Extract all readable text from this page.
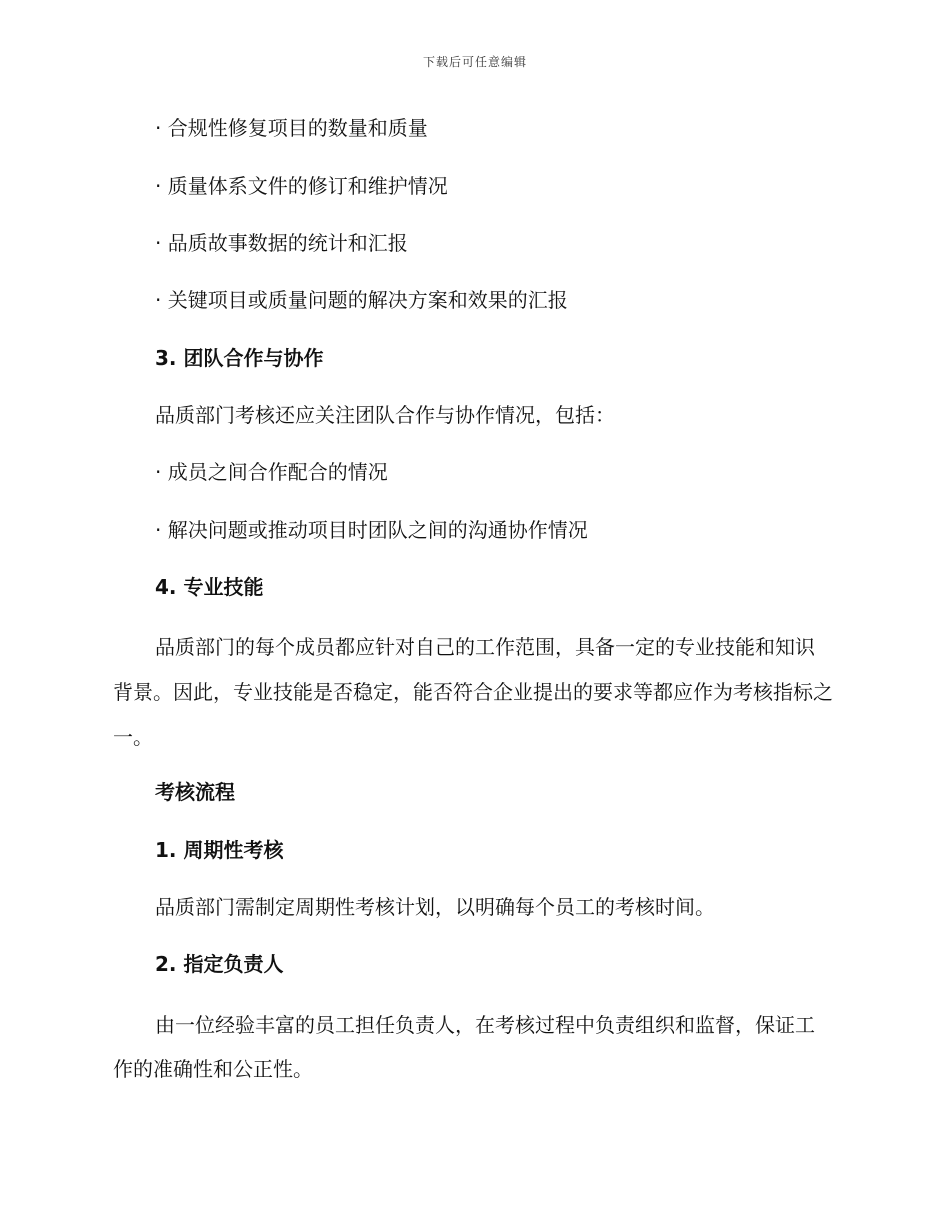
下载后可任意编辑

· 合规性修复项目的数量和质量

· 质量体系文件的修订和维护情况

· 品质故事数据的统计和汇报

· 关键项目或质量问题的解决方案和效果的汇报

3. 团队合作与协作

品质部门考核还应关注团队合作与协作情况，包括：

· 成员之间合作配合的情况

· 解决问题或推动项目时团队之间的沟通协作情况

4. 专业技能

品质部门的每个成员都应针对自己的工作范围，具备一定的专业技能和知识背景。因此，专业技能是否稳定，能否符合企业提出的要求等都应作为考核指标之一。

考核流程

1. 周期性考核

品质部门需制定周期性考核计划，以明确每个员工的考核时间。

2. 指定负责人

由一位经验丰富的员工担任负责人，在考核过程中负责组织和监督，保证工作的准确性和公正性。
